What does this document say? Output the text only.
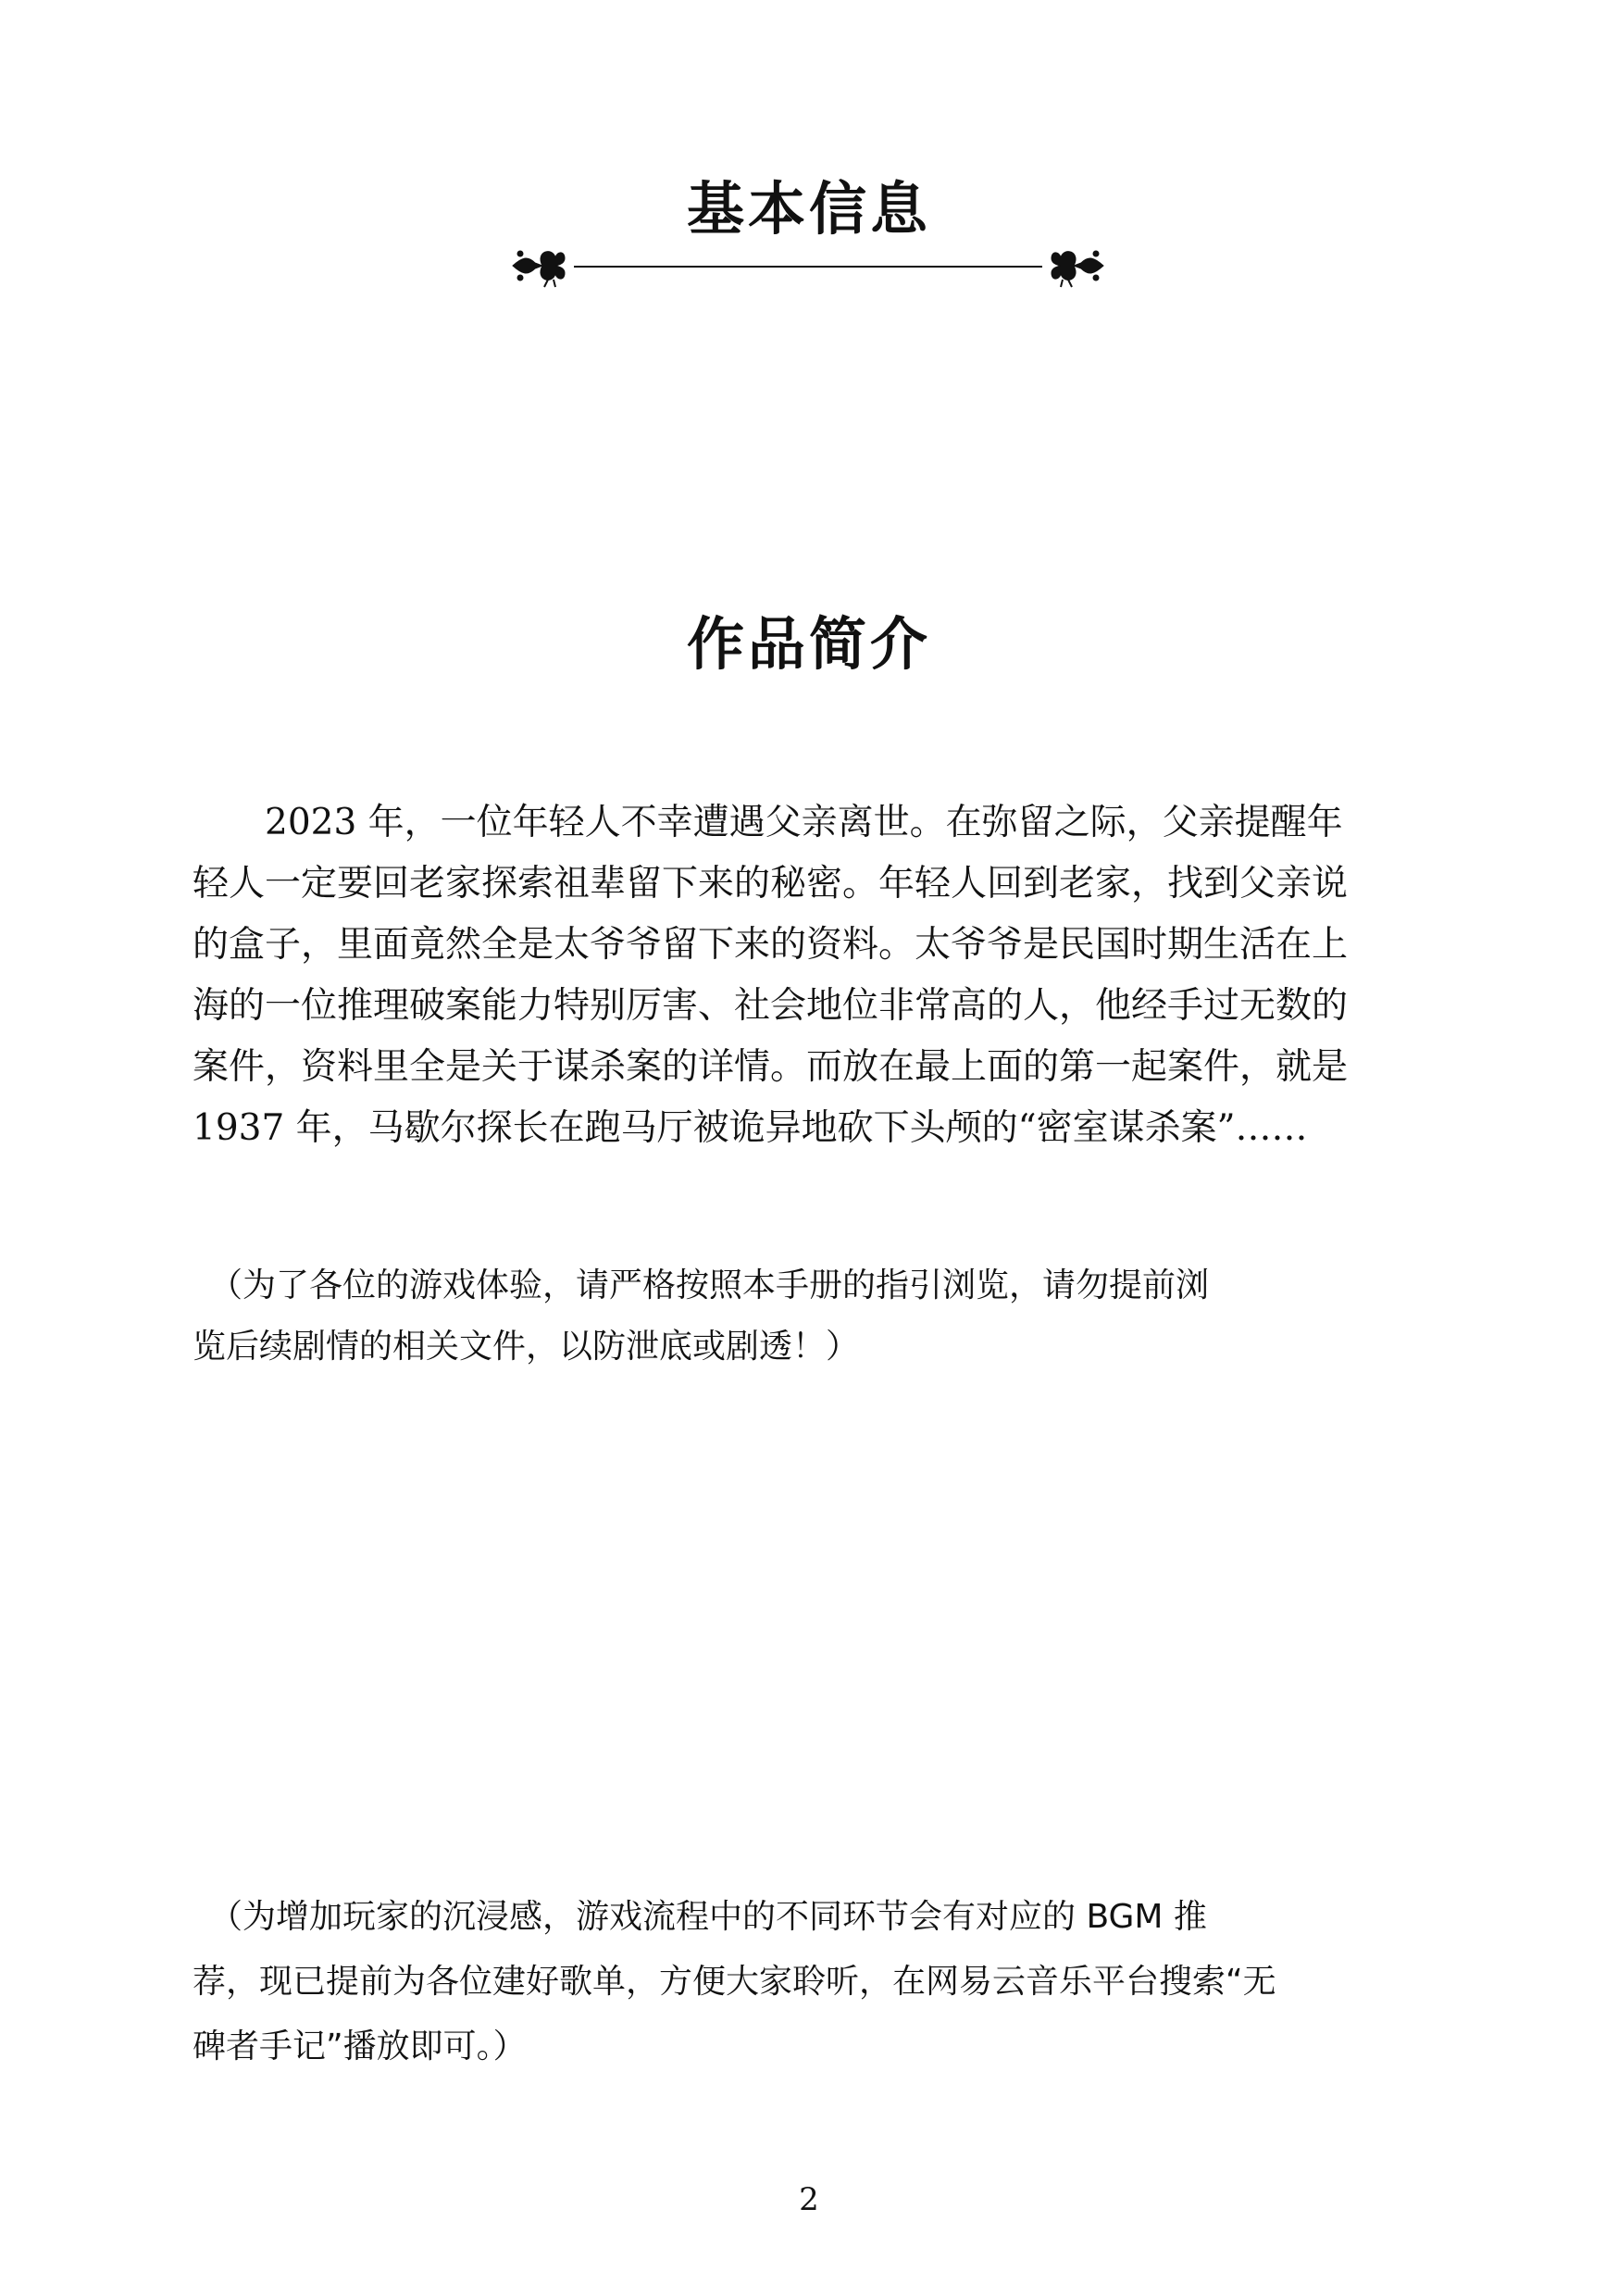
基本信息
作品简介

　　2023 年，一位年轻人不幸遭遇父亲离世。在弥留之际，父亲提醒年
轻人一定要回老家探索祖辈留下来的秘密。年轻人回到老家，找到父亲说
的盒子，里面竟然全是太爷爷留下来的资料。太爷爷是民国时期生活在上
海的一位推理破案能力特别厉害、社会地位非常高的人，他经手过无数的
案件，资料里全是关于谋杀案的详情。而放在最上面的第一起案件，就是
1937 年，马歇尔探长在跑马厅被诡异地砍下头颅的“密室谋杀案”……

　（为了各位的游戏体验，请严格按照本手册的指引浏览，请勿提前浏
览后续剧情的相关文件，以防泄底或剧透！）

　（为增加玩家的沉浸感，游戏流程中的不同环节会有对应的 BGM 推
荐，现已提前为各位建好歌单，方便大家聆听，在网易云音乐平台搜索“无
碑者手记”播放即可。）

2
